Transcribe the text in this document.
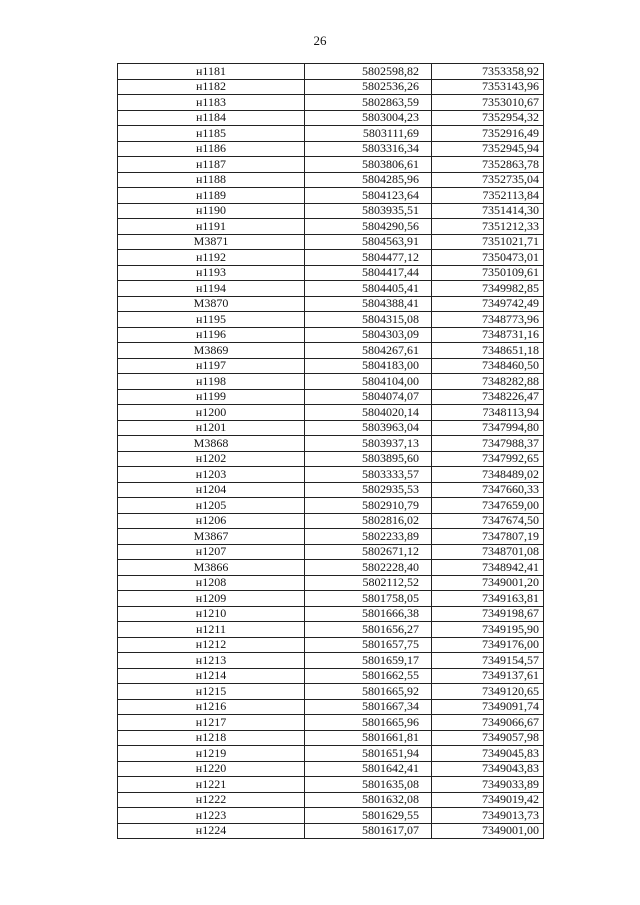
26
н1181	5802598,82	7353358,92
н1182	5802536,26	7353143,96
н1183	5802863,59	7353010,67
н1184	5803004,23	7352954,32
н1185	5803111,69	7352916,49
н1186	5803316,34	7352945,94
н1187	5803806,61	7352863,78
н1188	5804285,96	7352735,04
н1189	5804123,64	7352113,84
н1190	5803935,51	7351414,30
н1191	5804290,56	7351212,33
М3871	5804563,91	7351021,71
н1192	5804477,12	7350473,01
н1193	5804417,44	7350109,61
н1194	5804405,41	7349982,85
М3870	5804388,41	7349742,49
н1195	5804315,08	7348773,96
н1196	5804303,09	7348731,16
М3869	5804267,61	7348651,18
н1197	5804183,00	7348460,50
н1198	5804104,00	7348282,88
н1199	5804074,07	7348226,47
н1200	5804020,14	7348113,94
н1201	5803963,04	7347994,80
М3868	5803937,13	7347988,37
н1202	5803895,60	7347992,65
н1203	5803333,57	7348489,02
н1204	5802935,53	7347660,33
н1205	5802910,79	7347659,00
н1206	5802816,02	7347674,50
М3867	5802233,89	7347807,19
н1207	5802671,12	7348701,08
М3866	5802228,40	7348942,41
н1208	5802112,52	7349001,20
н1209	5801758,05	7349163,81
н1210	5801666,38	7349198,67
н1211	5801656,27	7349195,90
н1212	5801657,75	7349176,00
н1213	5801659,17	7349154,57
н1214	5801662,55	7349137,61
н1215	5801665,92	7349120,65
н1216	5801667,34	7349091,74
н1217	5801665,96	7349066,67
н1218	5801661,81	7349057,98
н1219	5801651,94	7349045,83
н1220	5801642,41	7349043,83
н1221	5801635,08	7349033,89
н1222	5801632,08	7349019,42
н1223	5801629,55	7349013,73
н1224	5801617,07	7349001,00
